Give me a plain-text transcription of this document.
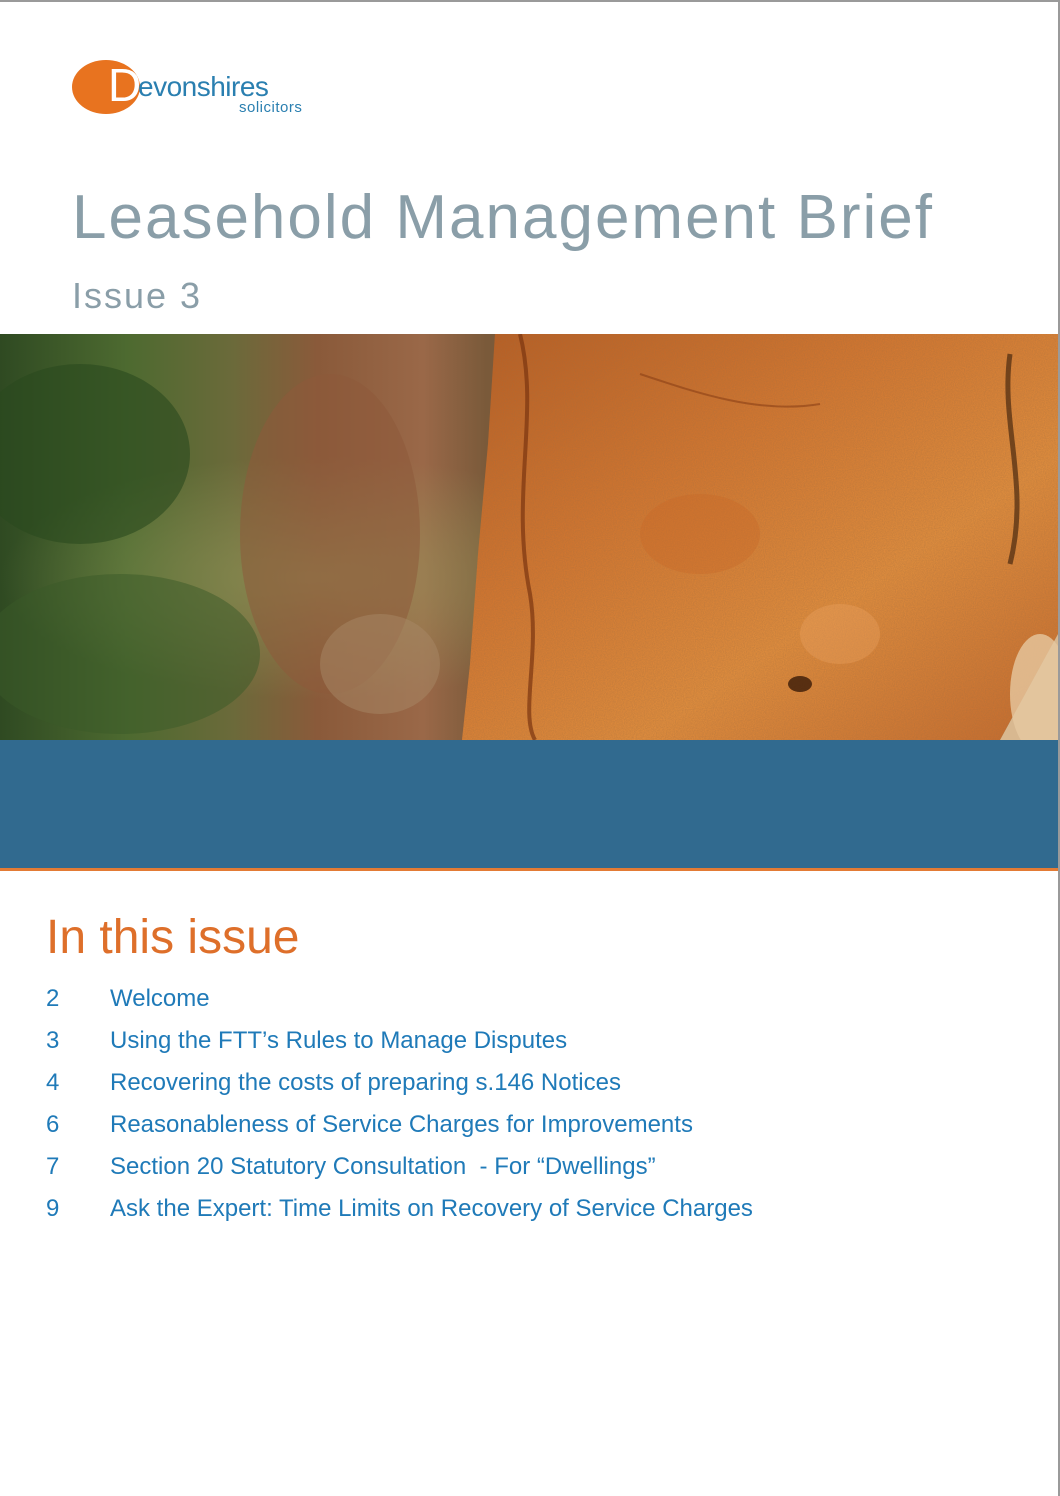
D
evonshires
solicitors
Leasehold Management Brief
Issue 3
In this issue
2 Welcome
3 Using the FTT’s Rules to Manage Disputes
4 Recovering the costs of preparing s.146 Notices
6 Reasonableness of Service Charges for Improvements
7 Section 20 Statutory Consultation  - For “Dwellings”
9 Ask the Expert: Time Limits on Recovery of Service Charges
